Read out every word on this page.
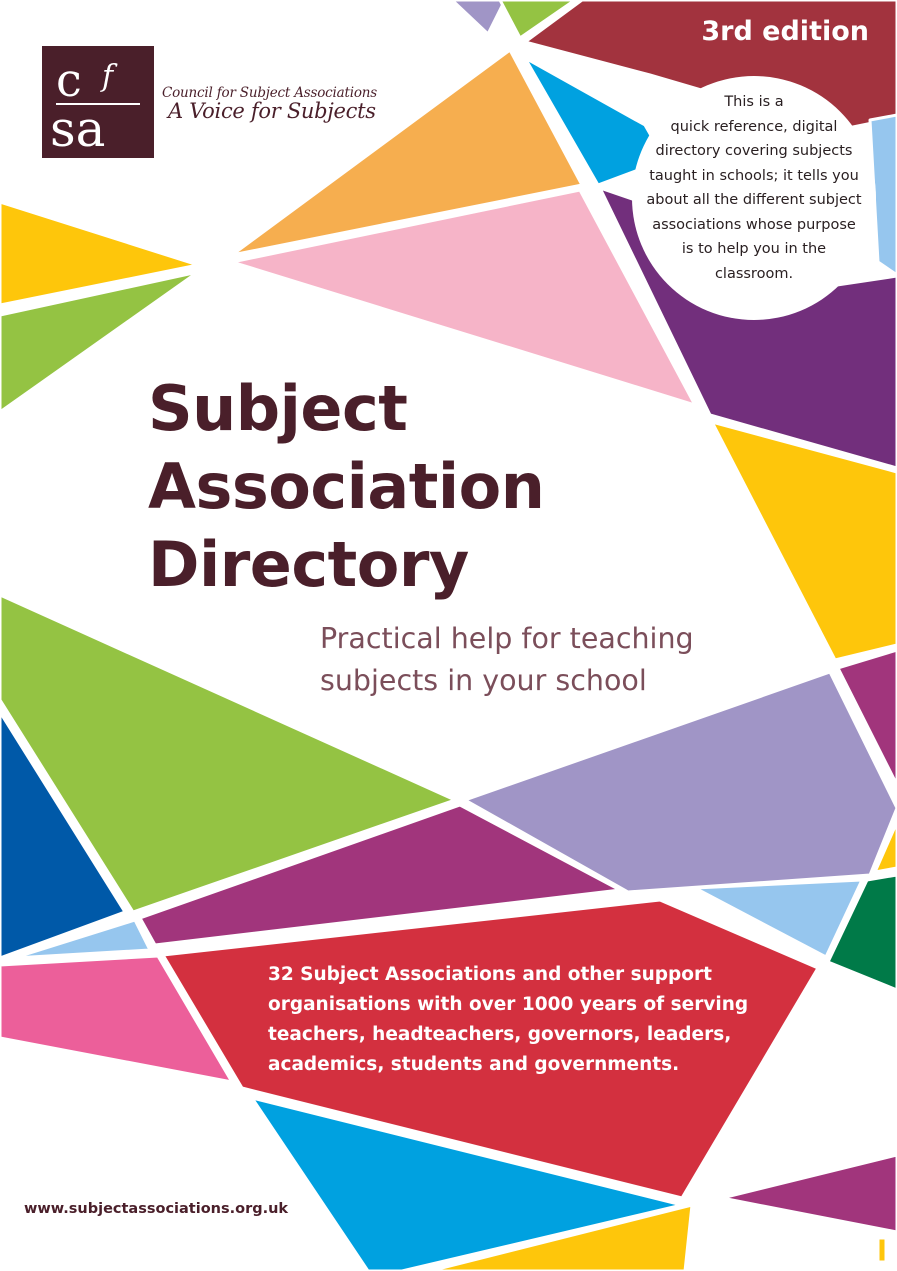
c f
sa
Council for Subject Associations
A Voice for Subjects
3rd edition
This is a
quick reference, digital
directory covering subjects
taught in schools; it tells you
about all the different subject
associations whose purpose
is to help you in the
classroom.
Subject
Association
Directory
Practical help for teaching
subjects in your school
32 Subject Associations and other support
organisations with over 1000 years of serving
teachers, headteachers, governors, leaders,
academics, students and governments.
www.subjectassociations.org.uk
